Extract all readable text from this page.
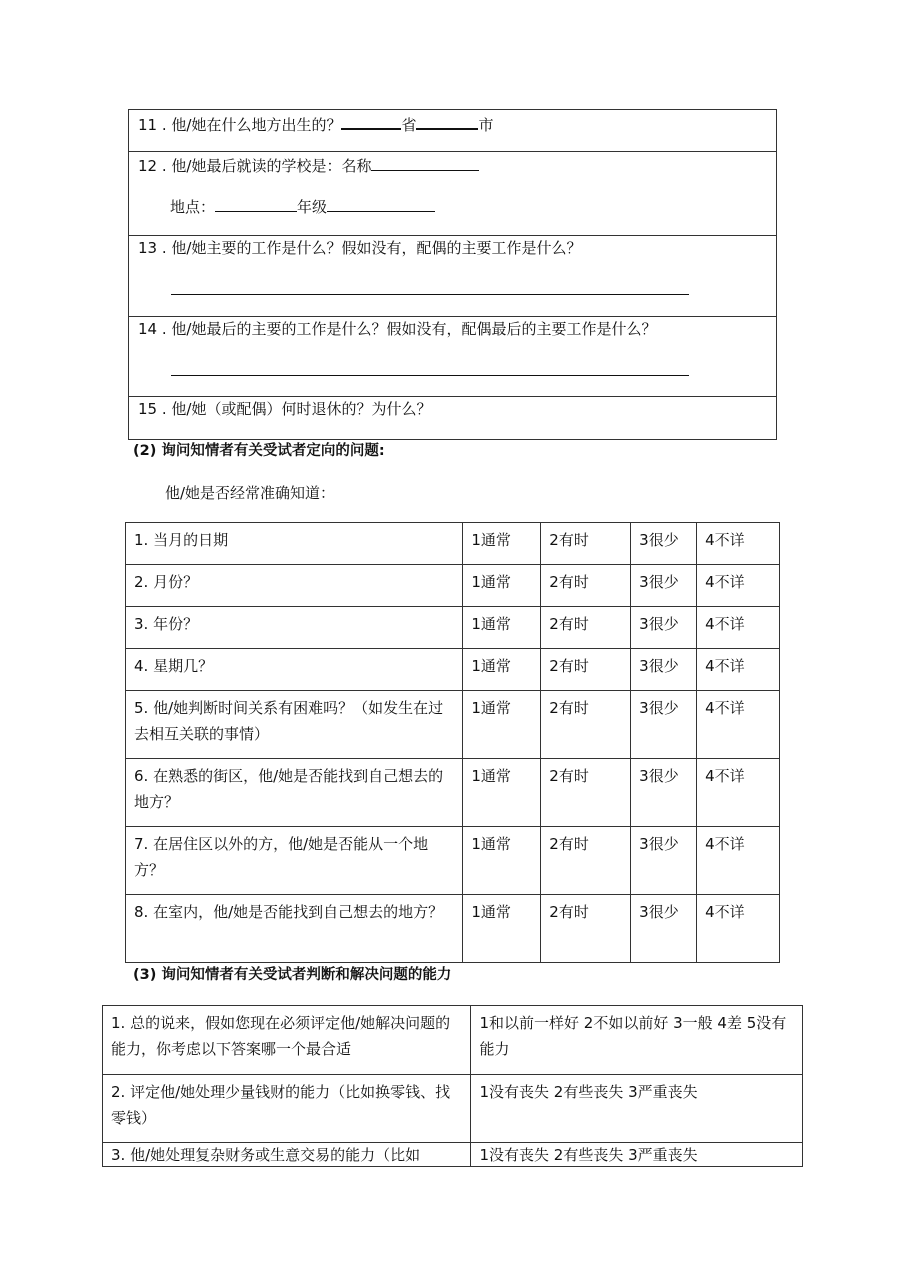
11 . 他/她在什么地方出生的？	省	市
12 . 他/她最后就读的学校是：名称
地点：	年级
13 . 他/她主要的工作是什么？假如没有，配偶的主要工作是什么？
14 . 他/她最后的主要的工作是什么？假如没有，配偶最后的主要工作是什么？
15 . 他/她（或配偶）何时退休的？为什么？
(2) 询问知情者有关受试者定向的问题:
他/她是否经常准确知道：
1. 当月的日期	1通常	2有时	3很少	4不详
2. 月份？	1通常	2有时	3很少	4不详
3. 年份？	1通常	2有时	3很少	4不详
4. 星期几？	1通常	2有时	3很少	4不详
5. 他/她判断时间关系有困难吗？（如发生在过去相互关联的事情）	1通常	2有时	3很少	4不详
6. 在熟悉的街区，他/她是否能找到自己想去的地方？	1通常	2有时	3很少	4不详
7. 在居住区以外的方，他/她是否能从一个地方？	1通常	2有时	3很少	4不详
8. 在室内，他/她是否能找到自己想去的地方？	1通常	2有时	3很少	4不详
(3) 询问知情者有关受试者判断和解决问题的能力
1. 总的说来，假如您现在必须评定他/她解决问题的能力，你考虑以下答案哪一个最合适	1和以前一样好 2不如以前好 3一般 4差 5没有能力
2. 评定他/她处理少量钱财的能力（比如换零钱、找零钱）	1没有丧失 2有些丧失 3严重丧失
3. 他/她处理复杂财务或生意交易的能力（比如	1没有丧失 2有些丧失 3严重丧失
